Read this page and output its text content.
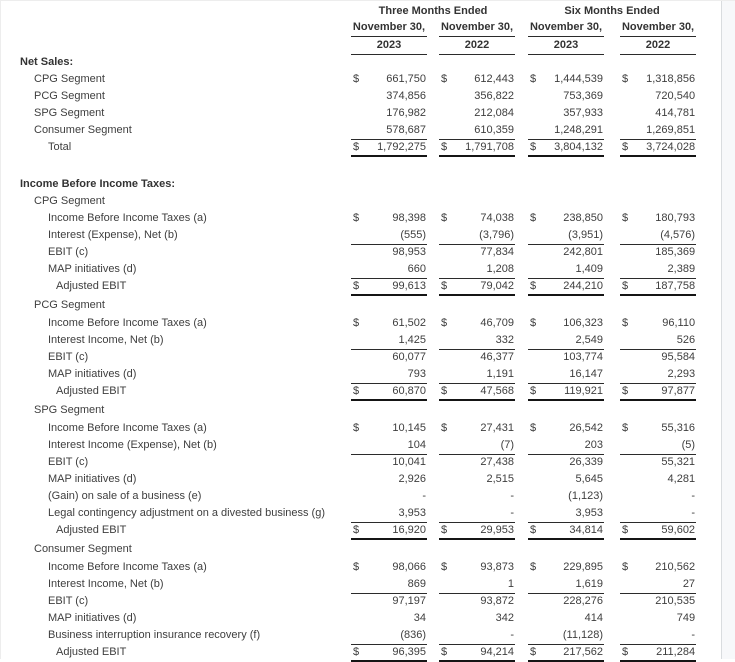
	Three Months Ended						Six Months Ended				
	November 30,			November 30,			November 30,			November 30,	
	2023			2022			2023			2022	
Net Sales:											
CPG Segment	$	661,750		$	612,443		$	1,444,539		$	1,318,856
PCG Segment		374,856			356,822			753,369			720,540
SPG Segment		176,982			212,084			357,933			414,781
Consumer Segment		578,687			610,359			1,248,291			1,269,851
Total	$	1,792,275		$	1,791,708		$	3,804,132		$	3,724,028

Income Before Income Taxes:											
CPG Segment											
Income Before Income Taxes (a)	$	98,398		$	74,038		$	238,850		$	180,793
Interest (Expense), Net (b)		(555)			(3,796)			(3,951)			(4,576)
EBIT (c)		98,953			77,834			242,801			185,369
MAP initiatives (d)		660			1,208			1,409			2,389
Adjusted EBIT	$	99,613		$	79,042		$	244,210		$	187,758
PCG Segment											
Income Before Income Taxes (a)	$	61,502		$	46,709		$	106,323		$	96,110
Interest Income, Net (b)		1,425			332			2,549			526
EBIT (c)		60,077			46,377			103,774			95,584
MAP initiatives (d)		793			1,191			16,147			2,293
Adjusted EBIT	$	60,870		$	47,568		$	119,921		$	97,877
SPG Segment											
Income Before Income Taxes (a)	$	10,145		$	27,431		$	26,542		$	55,316
Interest Income (Expense), Net (b)		104			(7)			203			(5)
EBIT (c)		10,041			27,438			26,339			55,321
MAP initiatives (d)		2,926			2,515			5,645			4,281
(Gain) on sale of a business (e)		-			-			(1,123)			-
Legal contingency adjustment on a divested business (g)		3,953			-			3,953			-
Adjusted EBIT	$	16,920		$	29,953		$	34,814		$	59,602
Consumer Segment											
Income Before Income Taxes (a)	$	98,066		$	93,873		$	229,895		$	210,562
Interest Income, Net (b)		869			1			1,619			27
EBIT (c)		97,197			93,872			228,276			210,535
MAP initiatives (d)		34			342			414			749
Business interruption insurance recovery (f)		(836)			-			(11,128)			-
Adjusted EBIT	$	96,395		$	94,214		$	217,562		$	211,284
